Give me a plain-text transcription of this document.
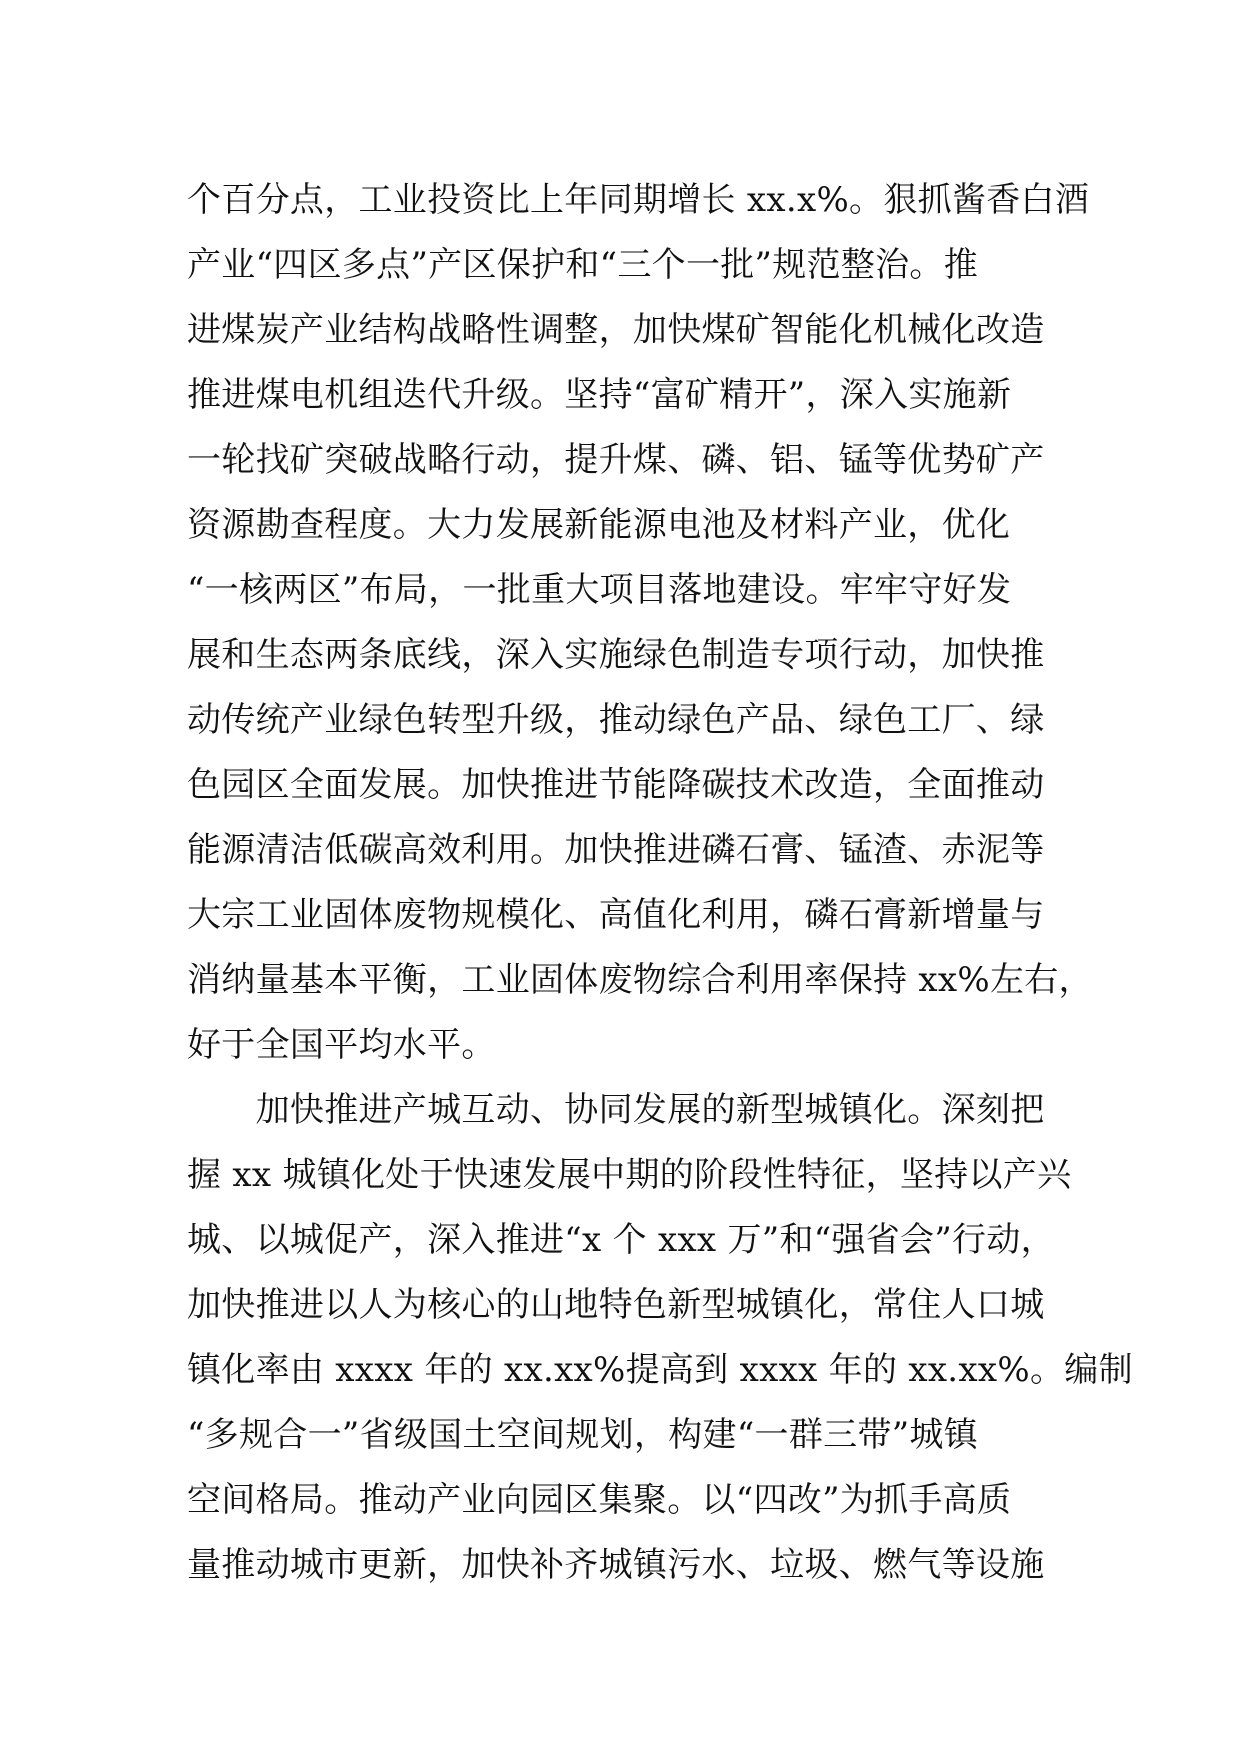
个百分点，工业投资比上年同期增长 xx.x%。狠抓酱香白酒
产业“四区多点”产区保护和“三个一批”规范整治。推
进煤炭产业结构战略性调整，加快煤矿智能化机械化改造
推进煤电机组迭代升级。坚持“富矿精开”，深入实施新
一轮找矿突破战略行动，提升煤、磷、铝、锰等优势矿产
资源勘查程度。大力发展新能源电池及材料产业，优化
“一核两区”布局，一批重大项目落地建设。牢牢守好发
展和生态两条底线，深入实施绿色制造专项行动，加快推
动传统产业绿色转型升级，推动绿色产品、绿色工厂、绿
色园区全面发展。加快推进节能降碳技术改造，全面推动
能源清洁低碳高效利用。加快推进磷石膏、锰渣、赤泥等
大宗工业固体废物规模化、高值化利用，磷石膏新增量与
消纳量基本平衡，工业固体废物综合利用率保持 xx%左右，
好于全国平均水平。
　　加快推进产城互动、协同发展的新型城镇化。深刻把
握 xx 城镇化处于快速发展中期的阶段性特征，坚持以产兴
城、以城促产，深入推进“x 个 xxx 万”和“强省会”行动，
加快推进以人为核心的山地特色新型城镇化，常住人口城
镇化率由 xxxx 年的 xx.xx%提高到 xxxx 年的 xx.xx%。编制
“多规合一”省级国土空间规划，构建“一群三带”城镇
空间格局。推动产业向园区集聚。以“四改”为抓手高质
量推动城市更新，加快补齐城镇污水、垃圾、燃气等设施
